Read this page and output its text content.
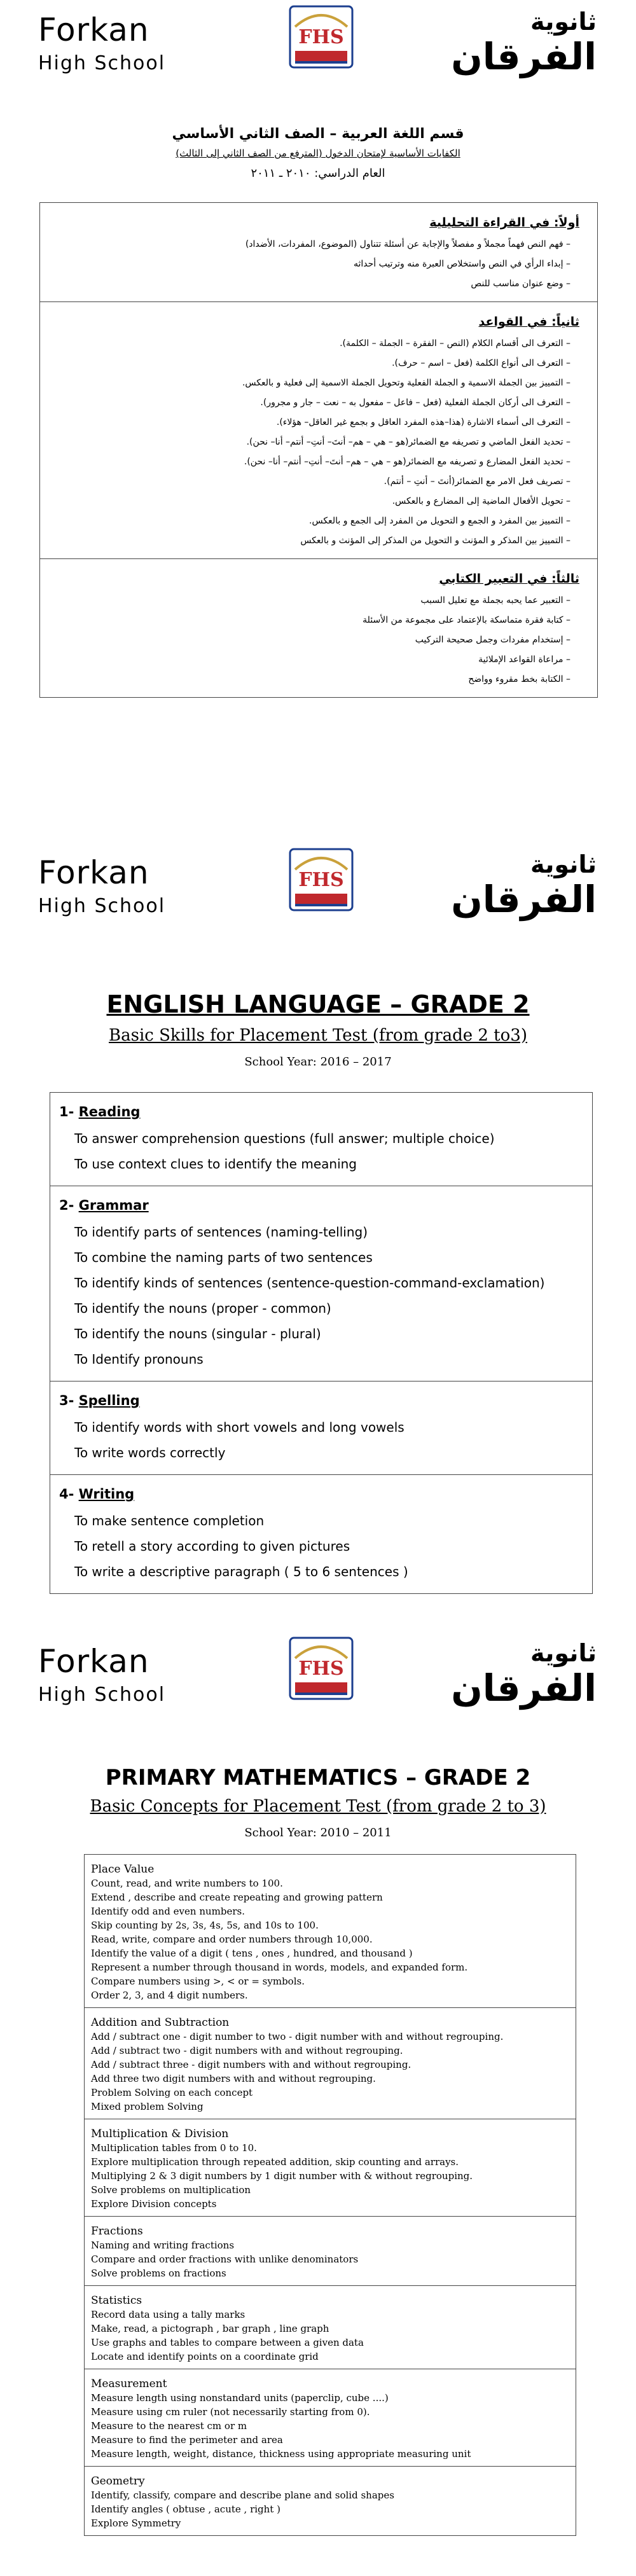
Forkan
High School
FHS
ثانوية
الفرقان
قسم اللغة العربية – الصف الثاني الأساسي
الكفايات الأساسية لإمتحان الدخول (المترفع من الصف الثاني إلى الثالث)
العام الدراسي: ٢٠١٠ ـ ٢٠١١
أولاً: في القراءة التحليلية
– فهم النص فهماً مجملاً و مفصلاً والإجابة عن أسئلة تتناول (الموضوع، المفردات، الأضداد)
– إبداء الرأي في النص واستخلاص العبرة منه وترتيب أحداثه
– وضع عنوان مناسب للنص
ثانياً: في القواعد
– التعرف الى أقسام الكلام (النص – الفقرة – الجملة – الكلمة).
– التعرف الى أنواع الكلمة (فعل – اسم – حرف).
– التمييز بين الجملة الاسمية و الجملة الفعلية وتحويل الجملة الاسمية إلى فعلية و بالعكس.
– التعرف الى أركان الجملة الفعلية (فعل – فاعل – مفعول به – نعت – جار و مجرور).
– التعرف الى أسماء الاشارة (هذا–هذه المفرد العاقل و بجمع غير العاقل– هؤلاء).
– تحديد الفعل الماضي و تصريفه مع الضمائر(هو – هي – هم– أنتَ– أنتِ– أنتم– أنا– نحن).
– تحديد الفعل المضارع و تصريفه مع الضمائر(هو – هي – هم– أنتَ– أنتِ– أنتم– أنا– نحن).
– تصريف فعل الامر مع الضمائر(أنتَ – أنتِ – أنتم).
– تحويل الأفعال الماضية إلى المضارع و بالعكس.
– التمييز بين المفرد و الجمع و التحويل من المفرد إلى الجمع و بالعكس.
– التمييز بين المذكر و المؤنث و التحويل من المذكر إلى المؤنث و بالعكس
ثالثاً: في التعبير الكتابي
– التعبير عما يحبه بجملة مع تعليل السبب
– كتابة فقرة متماسكة بالإعتماد على مجموعة من الأسئلة
– إستخدام مفردات وجمل صحيحة التركيب
– مراعاة القواعد الإملائية
– الكتابة بخط مقروء وواضح
Forkan
High School
FHS
ثانوية
الفرقان
ENGLISH LANGUAGE – GRADE 2
Basic Skills for Placement Test (from grade 2 to3)
School Year: 2016 – 2017
1- Reading
To answer comprehension questions (full answer; multiple choice)
To use context clues to identify the meaning
2- Grammar
To identify parts of sentences (naming-telling)
To combine the naming parts of two sentences
To identify kinds of sentences (sentence-question-command-exclamation)
To identify the nouns (proper - common)
To identify the nouns (singular - plural)
To Identify pronouns
3- Spelling
To identify words with short vowels and long vowels
To write words correctly
4- Writing
To make sentence completion
To retell a story according to given pictures
To write a descriptive paragraph ( 5 to 6 sentences )
Forkan
High School
FHS
ثانوية
الفرقان
PRIMARY MATHEMATICS – GRADE 2
Basic Concepts for Placement Test (from grade 2 to 3)
School Year: 2010 – 2011
Place Value
Count, read, and write numbers to 100.
Extend , describe and create repeating and growing pattern
Identify odd and even numbers.
Skip counting by 2s, 3s, 4s, 5s, and 10s to 100.
Read, write, compare and order numbers through 10,000.
Identify the value of a digit ( tens , ones , hundred, and thousand )
Represent a number through thousand in words, models, and expanded form.
Compare numbers using >, < or = symbols.
Order 2, 3, and 4 digit numbers.
Addition and Subtraction
Add / subtract one - digit number to two - digit number with and without regrouping.
Add / subtract two - digit numbers with and without regrouping.
Add / subtract three - digit numbers with and without regrouping.
Add three two digit numbers with and without regrouping.
Problem Solving on each concept
Mixed problem Solving
Multiplication & Division
Multiplication tables from 0 to 10.
Explore multiplication through repeated addition, skip counting and arrays.
Multiplying 2 & 3 digit numbers by 1 digit number with & without regrouping.
Solve problems on multiplication
Explore Division concepts
Fractions
Naming and writing fractions
Compare and order fractions with unlike denominators
Solve problems on fractions
Statistics
Record data using a tally marks
Make, read, a pictograph , bar graph , line graph
Use graphs and tables to compare between a given data
Locate and identify points on a coordinate grid
Measurement
Measure length using nonstandard units (paperclip, cube ....)
Measure using cm ruler (not necessarily starting from 0).
Measure to the nearest cm or m
Measure to find the perimeter and area
Measure length, weight, distance, thickness using appropriate measuring unit
Geometry
Identify, classify, compare and describe plane and solid shapes
Identify angles ( obtuse , acute , right )
Explore Symmetry
